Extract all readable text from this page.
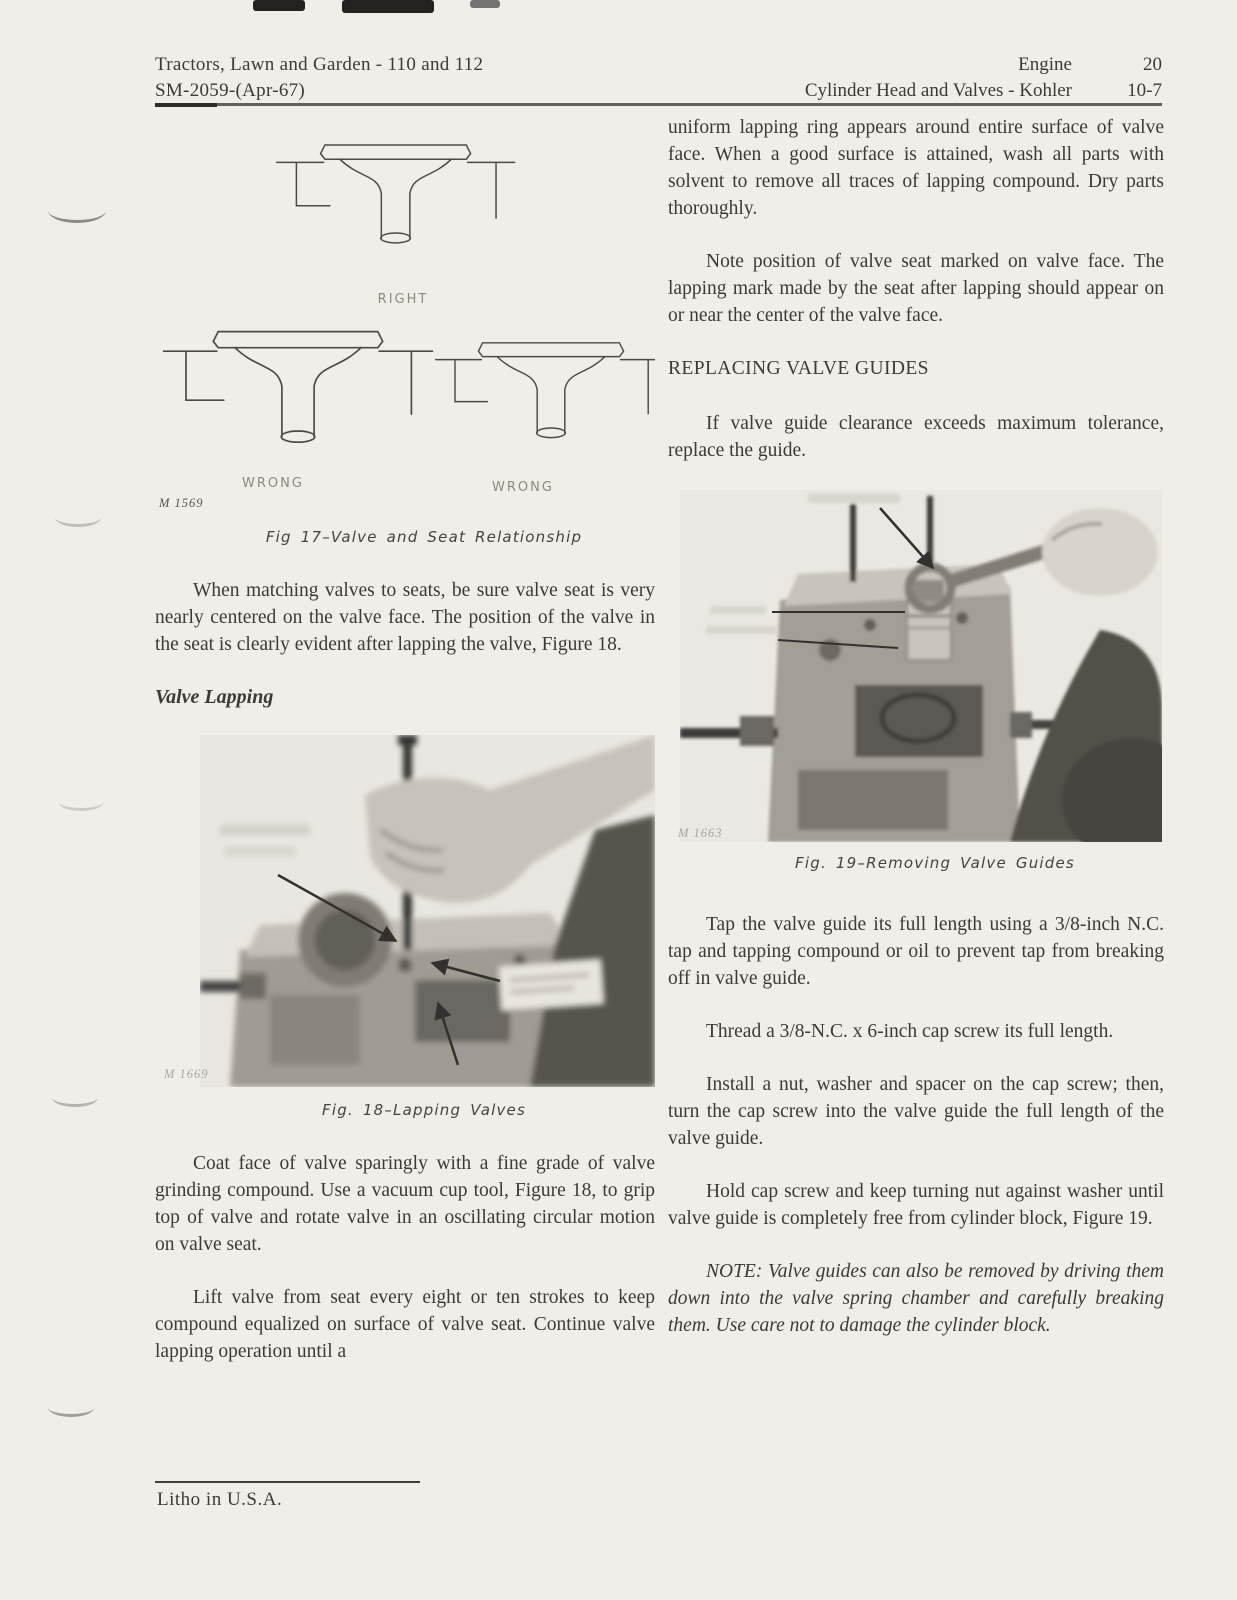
Tractors, Lawn and Garden - 110 and 112
SM-2059-(Apr-67)
Engine	20
Cylinder Head and Valves - Kohler	10-7
RIGHT
WRONG	WRONG
M 1569

Fig 17–Valve and Seat Relationship

When matching valves to seats, be sure valve seat is very nearly centered on the valve face. The position of the valve in the seat is clearly evident after lapping the valve, Figure 18.

Valve Lapping
M 1669

Fig. 18–Lapping Valves

Coat face of valve sparingly with a fine grade of valve grinding compound. Use a vacuum cup tool, Figure 18, to grip top of valve and rotate valve in an oscillating circular motion on valve seat.

Lift valve from seat every eight or ten strokes to keep compound equalized on surface of valve seat. Continue valve lapping operation until a

uniform lapping ring appears around entire surface of valve face. When a good surface is attained, wash all parts with solvent to remove all traces of lapping compound. Dry parts thoroughly.

Note position of valve seat marked on valve face. The lapping mark made by the seat after lapping should appear on or near the center of the valve face.

REPLACING VALVE GUIDES

If valve guide clearance exceeds maximum tolerance, replace the guide.

M 1663

Fig. 19–Removing Valve Guides

Tap the valve guide its full length using a 3/8-inch N.C. tap and tapping compound or oil to prevent tap from breaking off in valve guide.

Thread a 3/8-N.C. x 6-inch cap screw its full length.

Install a nut, washer and spacer on the cap screw; then, turn the cap screw into the valve guide the full length of the valve guide.

Hold cap screw and keep turning nut against washer until valve guide is completely free from cylinder block, Figure 19.

NOTE: Valve guides can also be removed by driving them down into the valve spring chamber and carefully breaking them. Use care not to damage the cylinder block.

Litho in U.S.A.
